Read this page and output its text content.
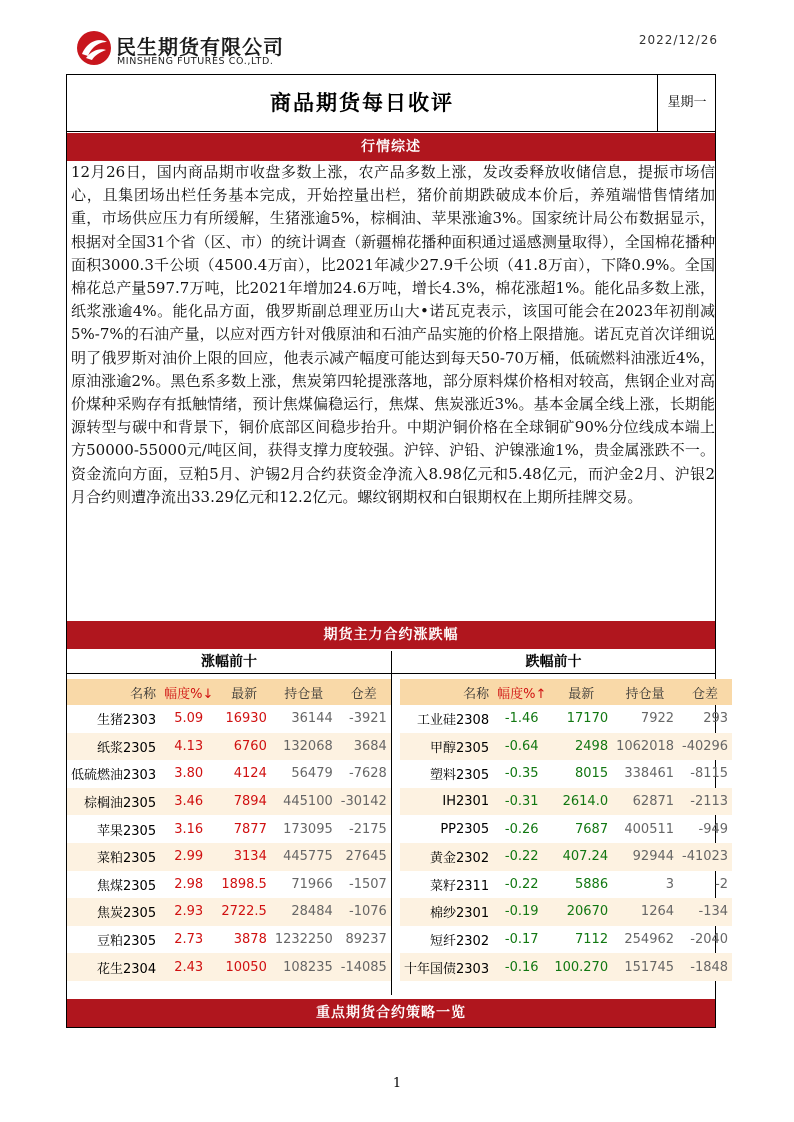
民生期货有限公司
MINSHENG FUTURES CO.,LTD.
2022/12/26
商品期货每日收评	星期一
行情综述
12月26日，国内商品期市收盘多数上涨，农产品多数上涨，发改委释放收储信息，提振市场信心，且集团场出栏任务基本完成，开始控量出栏，猪价前期跌破成本价后，养殖端惜售情绪加重，市场供应压力有所缓解，生猪涨逾5%，棕榈油、苹果涨逾3%。国家统计局公布数据显示，根据对全国31个省（区、市）的统计调查（新疆棉花播种面积通过遥感测量取得），全国棉花播种面积3000.3千公顷（4500.4万亩），比2021年减少27.9千公顷（41.8万亩），下降0.9%。全国棉花总产量597.7万吨，比2021年增加24.6万吨，增长4.3%，棉花涨超1%。能化品多数上涨，纸浆涨逾4%。能化品方面，俄罗斯副总理亚历山大•诺瓦克表示，该国可能会在2023年初削减5%-7%的石油产量，以应对西方针对俄原油和石油产品实施的价格上限措施。诺瓦克首次详细说明了俄罗斯对油价上限的回应，他表示减产幅度可能达到每天50-70万桶，低硫燃料油涨近4%，原油涨逾2%。黑色系多数上涨，焦炭第四轮提涨落地，部分原料煤价格相对较高，焦钢企业对高价煤种采购存有抵触情绪，预计焦煤偏稳运行，焦煤、焦炭涨近3%。基本金属全线上涨，长期能源转型与碳中和背景下，铜价底部区间稳步抬升。中期沪铜价格在全球铜矿90%分位线成本端上方50000-55000元/吨区间，获得支撑力度较强。沪锌、沪铅、沪镍涨逾1%，贵金属涨跌不一。资金流向方面，豆粕5月、沪锡2月合约获资金净流入8.98亿元和5.48亿元，而沪金2月、沪银2月合约则遭净流出33.29亿元和12.2亿元。螺纹钢期权和白银期权在上期所挂牌交易。
期货主力合约涨跌幅
涨幅前十	跌幅前十
名称	幅度%↓	最新	持仓量	仓差
生猪2303	5.09	16930	36144	-3921
纸浆2305	4.13	6760	132068	3684
低硫燃油2303	3.80	4124	56479	-7628
棕榈油2305	3.46	7894	445100	-30142
苹果2305	3.16	7877	173095	-2175
菜粕2305	2.99	3134	445775	27645
焦煤2305	2.98	1898.5	71966	-1507
焦炭2305	2.93	2722.5	28484	-1076
豆粕2305	2.73	3878	1232250	89237
花生2304	2.43	10050	108235	-14085
名称	幅度%↑	最新	持仓量	仓差
工业硅2308	-1.46	17170	7922	293
甲醇2305	-0.64	2498	1062018	-40296
塑料2305	-0.35	8015	338461	-8115
IH2301	-0.31	2614.0	62871	-2113
PP2305	-0.26	7687	400511	-949
黄金2302	-0.22	407.24	92944	-41023
菜籽2311	-0.22	5886	3	-2
棉纱2301	-0.19	20670	1264	-134
短纤2302	-0.17	7112	254962	-2040
十年国债2303	-0.16	100.270	151745	-1848
重点期货合约策略一览
1
